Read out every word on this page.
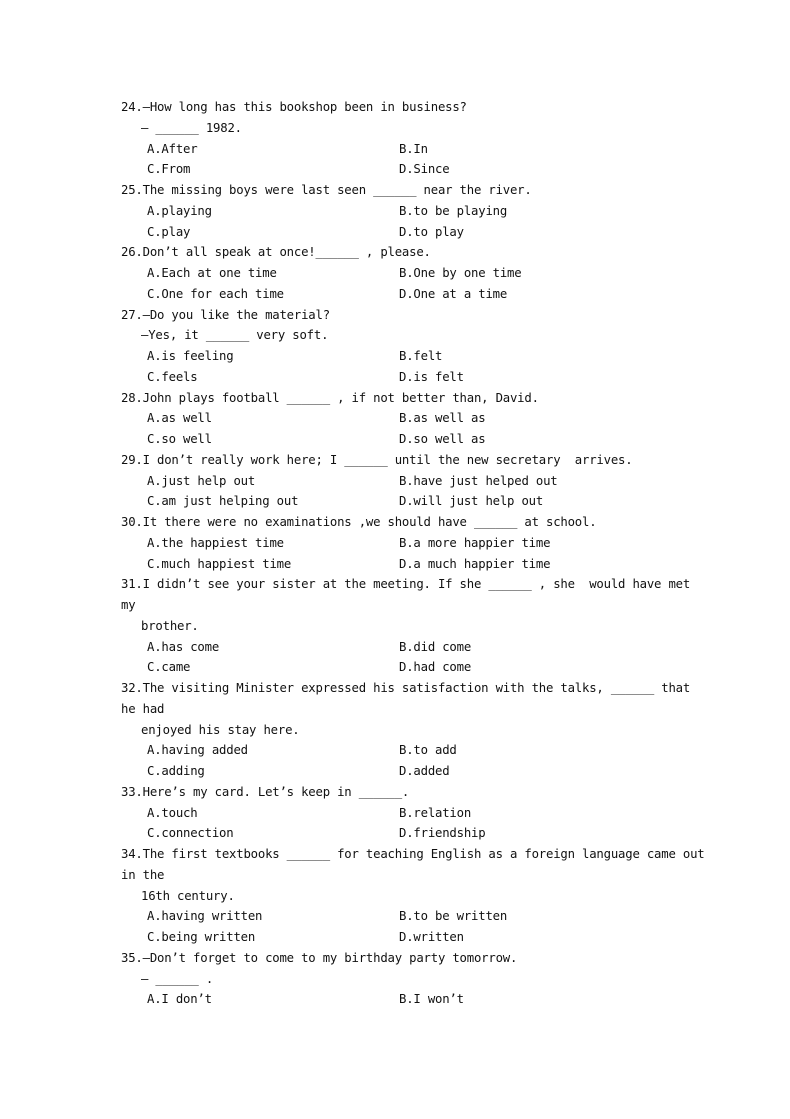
24.—How long has this bookshop been in business?
— ______ 1982.
A.After	B.In
C.From	D.Since
25.The missing boys were last seen ______ near the river.
A.playing	B.to be playing
C.play	D.to play
26.Don’t all speak at once!______ , please.
A.Each at one time	B.One by one time
C.One for each time	D.One at a time
27.—Do you like the material?
—Yes, it ______ very soft.
A.is feeling	B.felt
C.feels	D.is felt
28.John plays football ______ , if not better than, David.
A.as well	B.as well as
C.so well	D.so well as
29.I don’t really work here; I ______ until the new secretary  arrives.
A.just help out	B.have just helped out
C.am just helping out	D.will just help out
30.It there were no examinations ,we should have ______ at school.
A.the happiest time	B.a more happier time
C.much happiest time	D.a much happier time
31.I didn’t see your sister at the meeting. If she ______ , she  would have met
my
brother.
A.has come	B.did come
C.came	D.had come
32.The visiting Minister expressed his satisfaction with the talks, ______ that
he had
enjoyed his stay here.
A.having added	B.to add
C.adding	D.added
33.Here’s my card. Let’s keep in ______.
A.touch	B.relation
C.connection	D.friendship
34.The first textbooks ______ for teaching English as a foreign language came out
in the
16th century.
A.having written	B.to be written
C.being written	D.written
35.—Don’t forget to come to my birthday party tomorrow.
— ______ .
A.I don’t	B.I won’t
